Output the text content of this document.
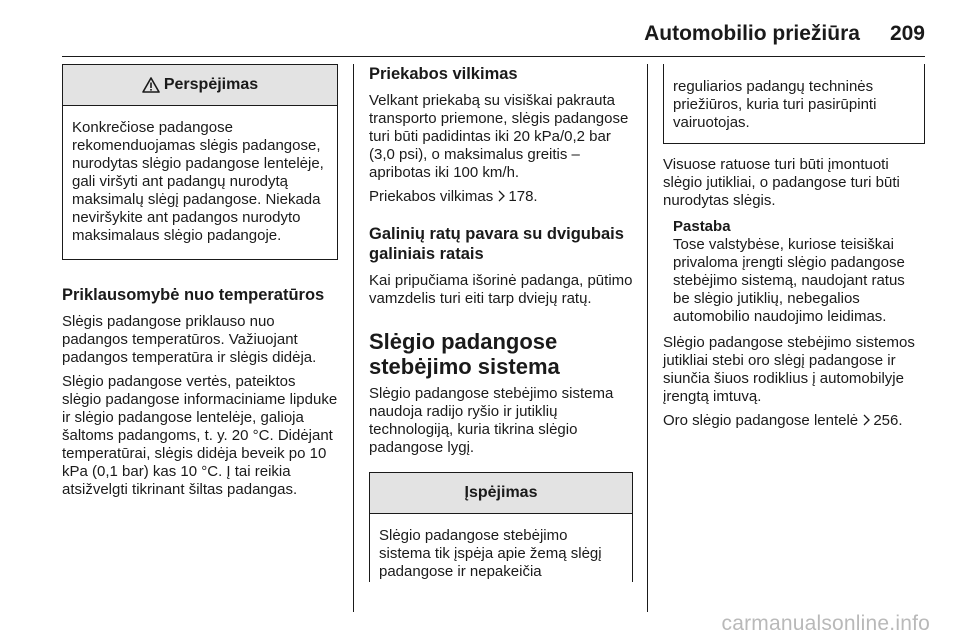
Automobilio priežiūra 209
Perspėjimas
Konkrečiose padangose rekomenduojamas slėgis padangose, nurodytas slėgio padangose lentelėje, gali viršyti ant padangų nurodytą maksimalų slėgį padangose. Niekada neviršykite ant padangos nurodyto maksimalaus slėgio padangoje.
Priklausomybė nuo temperatūros

Slėgis padangose priklauso nuo padangos temperatūros. Važiuojant padangos temperatūra ir slėgis didėja.

Slėgio padangose vertės, pateiktos slėgio padangose informaciniame lipduke ir slėgio padangose lentelėje, galioja šaltoms padangoms, t. y. 20 °C. Didėjant temperatūrai, slėgis didėja beveik po 10 kPa (0,1 bar) kas 10 °C. Į tai reikia atsižvelgti tikrinant šiltas padangas.

Priekabos vilkimas

Velkant priekabą su visiškai pakrauta transporto priemone, slėgis padangose turi būti padidintas iki 20 kPa/0,2 bar (3,0 psi), o maksimalus greitis – apribotas iki 100 km/h.

Priekabos vilkimas 178.

Galinių ratų pavara su dvigubais galiniais ratais

Kai pripučiama išorinė padanga, pūtimo vamzdelis turi eiti tarp dviejų ratų.

Slėgio padangose stebėjimo sistema

Slėgio padangose stebėjimo sistema naudoja radijo ryšio ir jutiklių technologiją, kuria tikrina slėgio padangose lygį.

Įspėjimas
Slėgio padangose stebėjimo sistema tik įspėja apie žemą slėgį padangose ir nepakeičia
reguliarios padangų techninės priežiūros, kuria turi pasirūpinti vairuotojas.

Visuose ratuose turi būti įmontuoti slėgio jutikliai, o padangose turi būti nurodytas slėgis.

Pastaba
Tose valstybėse, kuriose teisiškai privaloma įrengti slėgio padangose stebėjimo sistemą, naudojant ratus be slėgio jutiklių, nebegalios automobilio naudojimo leidimas.

Slėgio padangose stebėjimo sistemos jutikliai stebi oro slėgį padangose ir siunčia šiuos rodiklius į automobilyje įrengtą imtuvą.

Oro slėgio padangose lentelė 256.

carmanualsonline.info
